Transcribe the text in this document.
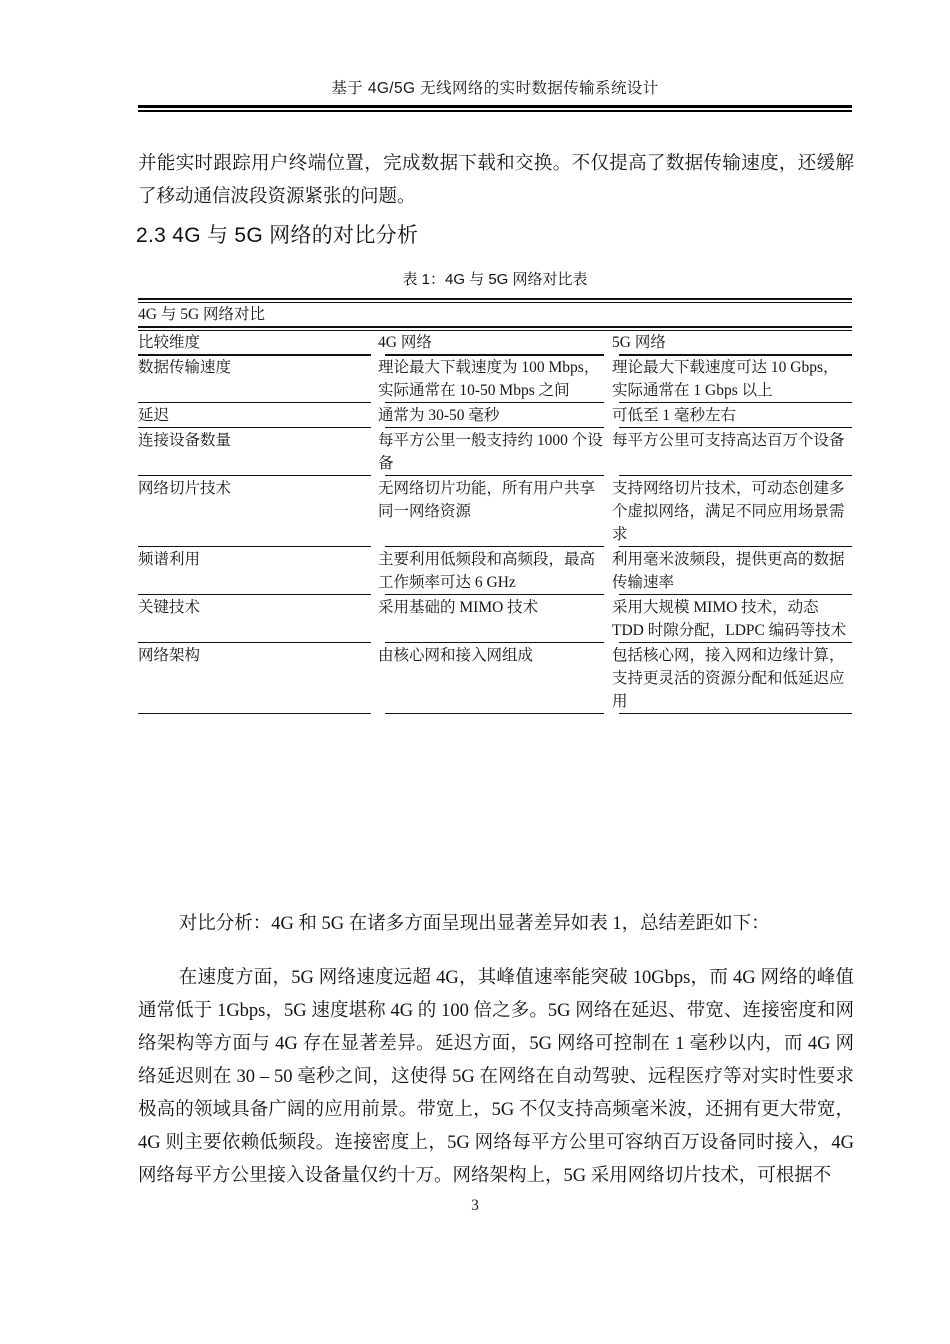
基于 4G/5G 无线网络的实时数据传输系统设计
并能实时跟踪用户终端位置，完成数据下载和交换。不仅提高了数据传输速度，还缓解了移动通信波段资源紧张的问题。
2.3 4G 与 5G 网络的对比分析
表 1：4G 与 5G 网络对比表
4G 与 5G 网络对比		

比较维度	4G 网络	5G 网络

数据传输速度	理论最大下载速度为 100 Mbps，实际通常在 10-50 Mbps 之间	理论最大下载速度可达 10 Gbps，实际通常在 1 Gbps 以上

延迟	通常为 30-50 毫秒	可低至 1 毫秒左右

连接设备数量	每平方公里一般支持约 1000 个设备	每平方公里可支持高达百万个设备

网络切片技术	无网络切片功能，所有用户共享同一网络资源	支持网络切片技术，可动态创建多个虚拟网络，满足不同应用场景需求

频谱利用	主要利用低频段和高频段，最高工作频率可达 6 GHz	利用毫米波频段，提供更高的数据传输速率

关键技术	采用基础的 MIMO 技术	采用大规模 MIMO 技术，动态 TDD 时隙分配，LDPC 编码等技术

网络架构	由核心网和接入网组成	包括核心网，接入网和边缘计算，支持更灵活的资源分配和低延迟应用

对比分析：4G 和 5G 在诸多方面呈现出显著差异如表 1，总结差距如下：
在速度方面，5G 网络速度远超 4G，其峰值速率能突破 10Gbps，而 4G 网络的峰值通常低于 1Gbps，5G 速度堪称 4G 的 100 倍之多。5G 网络在延迟、带宽、连接密度和网络架构等方面与 4G 存在显著差异。延迟方面，5G 网络可控制在 1 毫秒以内，而 4G 网络延迟则在 30 – 50 毫秒之间，这使得 5G 在网络在自动驾驶、远程医疗等对实时性要求极高的领域具备广阔的应用前景。带宽上，5G 不仅支持高频毫米波，还拥有更大带宽，4G 则主要依赖低频段。连接密度上，5G 网络每平方公里可容纳百万设备同时接入，4G 网络每平方公里接入设备量仅约十万。网络架构上，5G 采用网络切片技术，可根据不
3
